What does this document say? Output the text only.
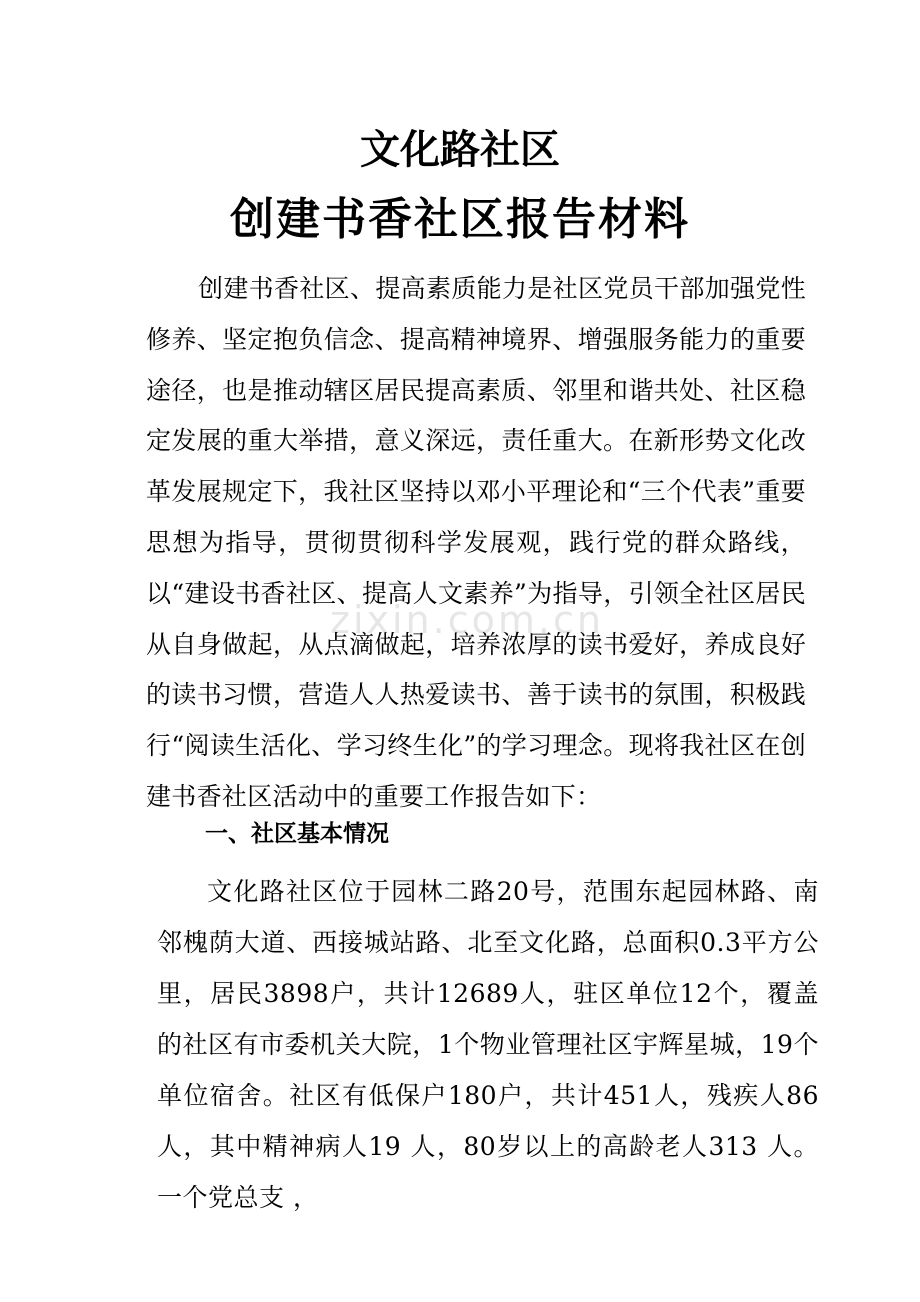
zixin.com.cn
文化路社区
创建书香社区报告材料

创建书香社区、提高素质能力是社区党员干部加强党性修养、坚定抱负信念、提高精神境界、增强服务能力的重要途径，也是推动辖区居民提高素质、邻里和谐共处、社区稳定发展的重大举措，意义深远，责任重大。在新形势文化改革发展规定下，我社区坚持以邓小平理论和“三个代表”重要思想为指导，贯彻贯彻科学发展观，践行党的群众路线，以“建设书香社区、提高人文素养”为指导，引领全社区居民从自身做起，从点滴做起，培养浓厚的读书爱好，养成良好的读书习惯，营造人人热爱读书、善于读书的氛围，积极践行“阅读生活化、学习终生化”的学习理念。现将我社区在创建书香社区活动中的重要工作报告如下：

一、社区基本情况

文化路社区位于园林二路20号，范围东起园林路、南邻槐荫大道、西接城站路、北至文化路，总面积0.3平方公里，居民3898户，共计12689人，驻区单位12个，覆盖的社区有市委机关大院，1个物业管理社区宇辉星城，19个单位宿舍。社区有低保户180户，共计451人，残疾人86人，其中精神病人19 人，80岁以上的高龄老人313 人。一个党总支 ，
